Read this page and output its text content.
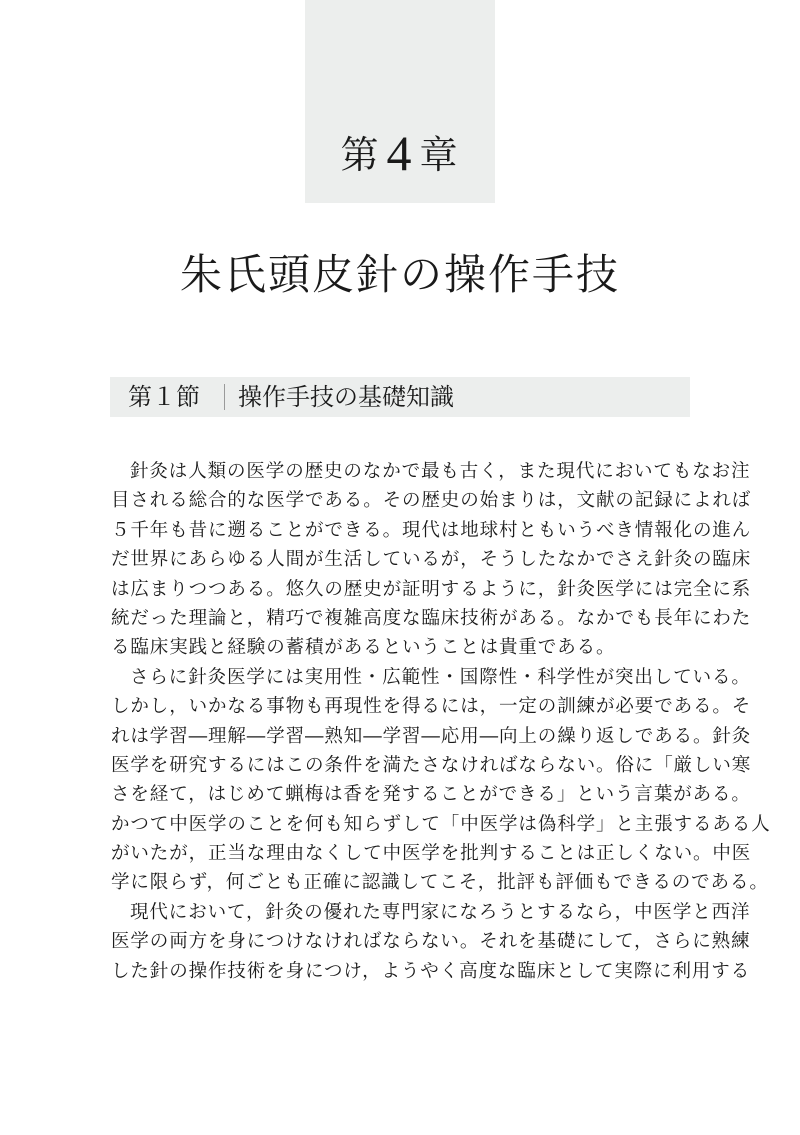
第 4 章
朱氏頭皮針の操作手技
第１節 操作手技の基礎知識
針灸は人類の医学の歴史のなかで最も古く，また現代においてもなお注
目される総合的な医学である。その歴史の始まりは，文献の記録によれば
５千年も昔に遡ることができる。現代は地球村ともいうべき情報化の進ん
だ世界にあらゆる人間が生活しているが，そうしたなかでさえ針灸の臨床
は広まりつつある。悠久の歴史が証明するように，針灸医学には完全に系
統だった理論と，精巧で複雑高度な臨床技術がある。なかでも長年にわた
る臨床実践と経験の蓄積があるということは貴重である。
さらに針灸医学には実用性・広範性・国際性・科学性が突出している。
しかし，いかなる事物も再現性を得るには，一定の訓練が必要である。そ
れは学習―理解―学習―熟知―学習―応用―向上の繰り返しである。針灸
医学を研究するにはこの条件を満たさなければならない。俗に「厳しい寒
さを経て，はじめて蝋梅は香を発することができる」という言葉がある。
かつて中医学のことを何も知らずして「中医学は偽科学」と主張するある人
がいたが，正当な理由なくして中医学を批判することは正しくない。中医
学に限らず，何ごとも正確に認識してこそ，批評も評価もできるのである。
現代において，針灸の優れた専門家になろうとするなら，中医学と西洋
医学の両方を身につけなければならない。それを基礎にして，さらに熟練
した針の操作技術を身につけ，ようやく高度な臨床として実際に利用する
